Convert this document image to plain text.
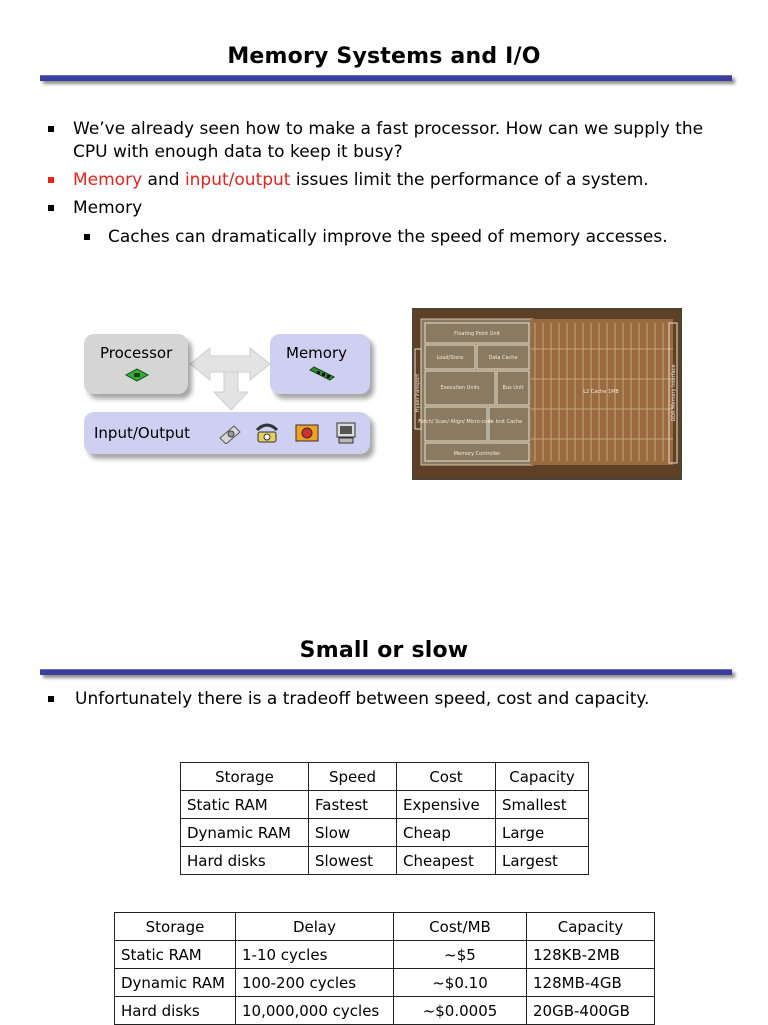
Memory Systems and I/O
We’ve already seen how to make a fast processor. How can we supply the
CPU with enough data to keep it busy?
Memory and input/output issues limit the performance of a system.
Memory
Caches can dramatically improve the speed of memory accesses.
Processor	Memory
Input/Output
Floating Point Unit
Load/Store	Data Cache
Execution Units	Bus Unit
Fetch/ Scan/ Align/ Micro-code Inst Cache
Memory Controller
L2 Cache 1MB	DDR Memory Interface
HyperTransport
Small or slow
Unfortunately there is a tradeoff between speed, cost and capacity.
Storage	Speed	Cost	Capacity
Static RAM	Fastest	Expensive	Smallest
Dynamic RAM	Slow	Cheap	Large
Hard disks	Slowest	Cheapest	Largest
Storage	Delay	Cost/MB	Capacity
Static RAM	1-10 cycles	~$5	128KB-2MB
Dynamic RAM	100-200 cycles	~$0.10	128MB-4GB
Hard disks	10,000,000 cycles	~$0.0005	20GB-400GB
